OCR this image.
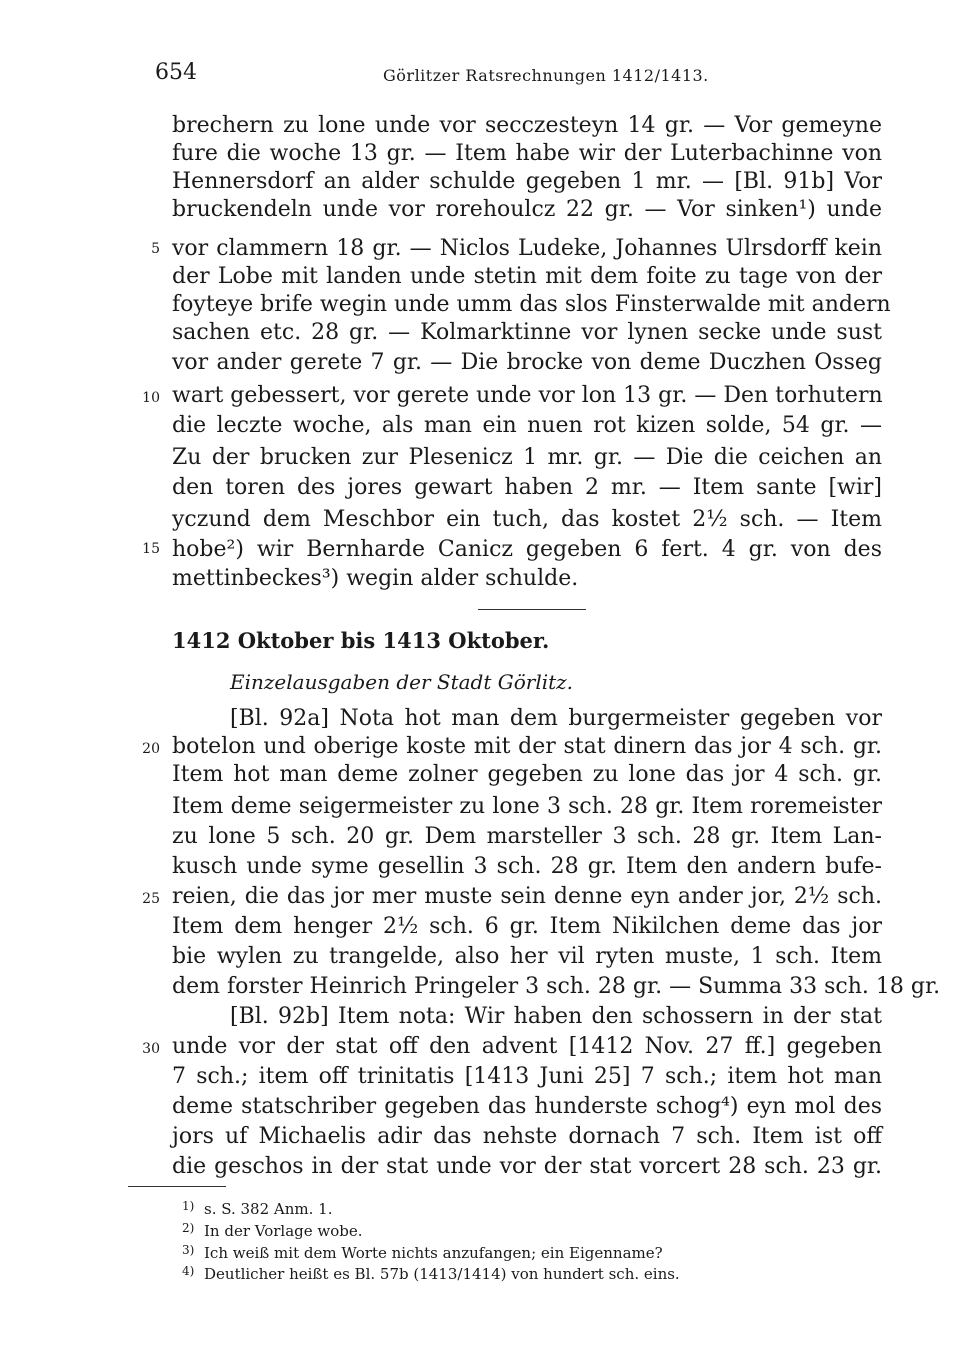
654	Görlitzer Ratsrechnungen 1412/1413.
brechern zu lone unde vor secczesteyn 14 gr. — Vor gemeyne
fure die woche 13 gr. — Item habe wir der Luterbachinne von
Hennersdorf an alder schulde gegeben 1 mr. — [Bl. 91b] Vor
bruckendeln unde vor rorehoulcz 22 gr. — Vor sinken¹) unde
vor clammern 18 gr. — Niclos Ludeke, Johannes Ulrsdorff kein
der Lobe mit landen unde stetin mit dem foite zu tage von der
foyteye brife wegin unde umm das slos Finsterwalde mit andern
sachen etc. 28 gr. — Kolmarktinne vor lynen secke unde sust
vor ander gerete 7 gr. — Die brocke von deme Duczhen Osseg
wart gebessert, vor gerete unde vor lon 13 gr. — Den torhutern
die leczte woche, als man ein nuen rot kizen solde, 54 gr. —
Zu der brucken zur Plesenicz 1 mr. gr. — Die die ceichen an
den toren des jores gewart haben 2 mr. — Item sante [wir]
yczund dem Meschbor ein tuch, das kostet 2½ sch. — Item
hobe²) wir Bernharde Canicz gegeben 6 fert. 4 gr. von des
mettinbeckes³) wegin alder schulde.
5
10
15
1412 Oktober bis 1413 Oktober.
Einzelausgaben der Stadt Görlitz.
[Bl. 92a] Nota hot man dem burgermeister gegeben vor
botelon und oberige koste mit der stat dinern das jor 4 sch. gr.
Item hot man deme zolner gegeben zu lone das jor 4 sch. gr.
Item deme seigermeister zu lone 3 sch. 28 gr. Item roremeister
zu lone 5 sch. 20 gr. Dem marsteller 3 sch. 28 gr. Item Lan-
kusch unde syme gesellin 3 sch. 28 gr. Item den andern bufe-
reien, die das jor mer muste sein denne eyn ander jor, 2½ sch.
Item dem henger 2½ sch. 6 gr. Item Nikilchen deme das jor
bie wylen zu trangelde, also her vil ryten muste, 1 sch. Item
dem forster Heinrich Pringeler 3 sch. 28 gr. — Summa 33 sch. 18 gr.
[Bl. 92b] Item nota: Wir haben den schossern in der stat
unde vor der stat off den advent [1412 Nov. 27 ff.] gegeben
7 sch.; item off trinitatis [1413 Juni 25] 7 sch.; item hot man
deme statschriber gegeben das hunderste schog⁴) eyn mol des
jors uf Michaelis adir das nehste dornach 7 sch. Item ist off
die geschos in der stat unde vor der stat vorcert 28 sch. 23 gr.
20
25
30
1) s. S. 382 Anm. 1.
2) In der Vorlage wobe.
3) Ich weiß mit dem Worte nichts anzufangen; ein Eigenname?
4) Deutlicher heißt es Bl. 57b (1413/1414) von hundert sch. eins.
